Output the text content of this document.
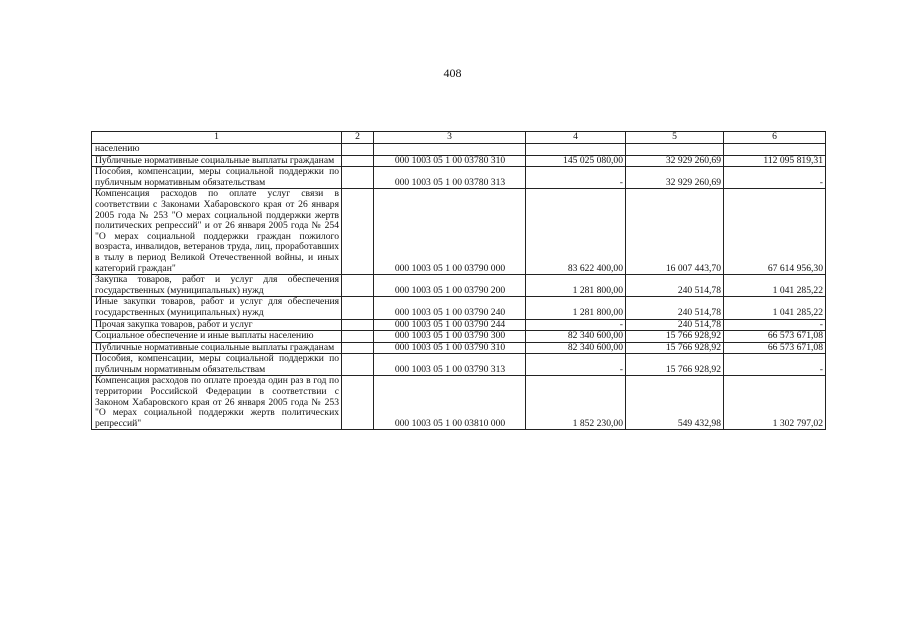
408
1	2	3	4	5	6
населению					
Публичные нормативные социальные выплаты гражданам		000 1003 05 1 00 03780 310	145 025 080,00	32 929 260,69	112 095 819,31
Пособия, компенсации, меры социальной поддержки по публичным нормативным обязательствам		000 1003 05 1 00 03780 313	-	32 929 260,69	-
Компенсация расходов по оплате услуг связи в соответствии с Законами Хабаровского края от 26 января 2005 года № 253 "О мерах социальной поддержки жертв политических репрессий" и от 26 января 2005 года № 254 "О мерах социальной поддержки граждан пожилого возраста, инвалидов, ветеранов труда, лиц, проработавших в тылу в период Великой Отечественной войны, и иных категорий граждан"		000 1003 05 1 00 03790 000	83 622 400,00	16 007 443,70	67 614 956,30
Закупка товаров, работ и услуг для обеспечения государственных (муниципальных) нужд		000 1003 05 1 00 03790 200	1 281 800,00	240 514,78	1 041 285,22
Иные закупки товаров, работ и услуг для обеспечения государственных (муниципальных) нужд		000 1003 05 1 00 03790 240	1 281 800,00	240 514,78	1 041 285,22
Прочая закупка товаров, работ и услуг		000 1003 05 1 00 03790 244	-	240 514,78	-
Социальное обеспечение и иные выплаты населению		000 1003 05 1 00 03790 300	82 340 600,00	15 766 928,92	66 573 671,08
Публичные нормативные социальные выплаты гражданам		000 1003 05 1 00 03790 310	82 340 600,00	15 766 928,92	66 573 671,08
Пособия, компенсации, меры социальной поддержки по публичным нормативным обязательствам		000 1003 05 1 00 03790 313	-	15 766 928,92	-
Компенсация расходов по оплате проезда один раз в год по территории Российской Федерации в соответствии с Законом Хабаровского края от 26 января 2005 года № 253 "О мерах социальной поддержки жертв политических репрессий"		000 1003 05 1 00 03810 000	1 852 230,00	549 432,98	1 302 797,02
